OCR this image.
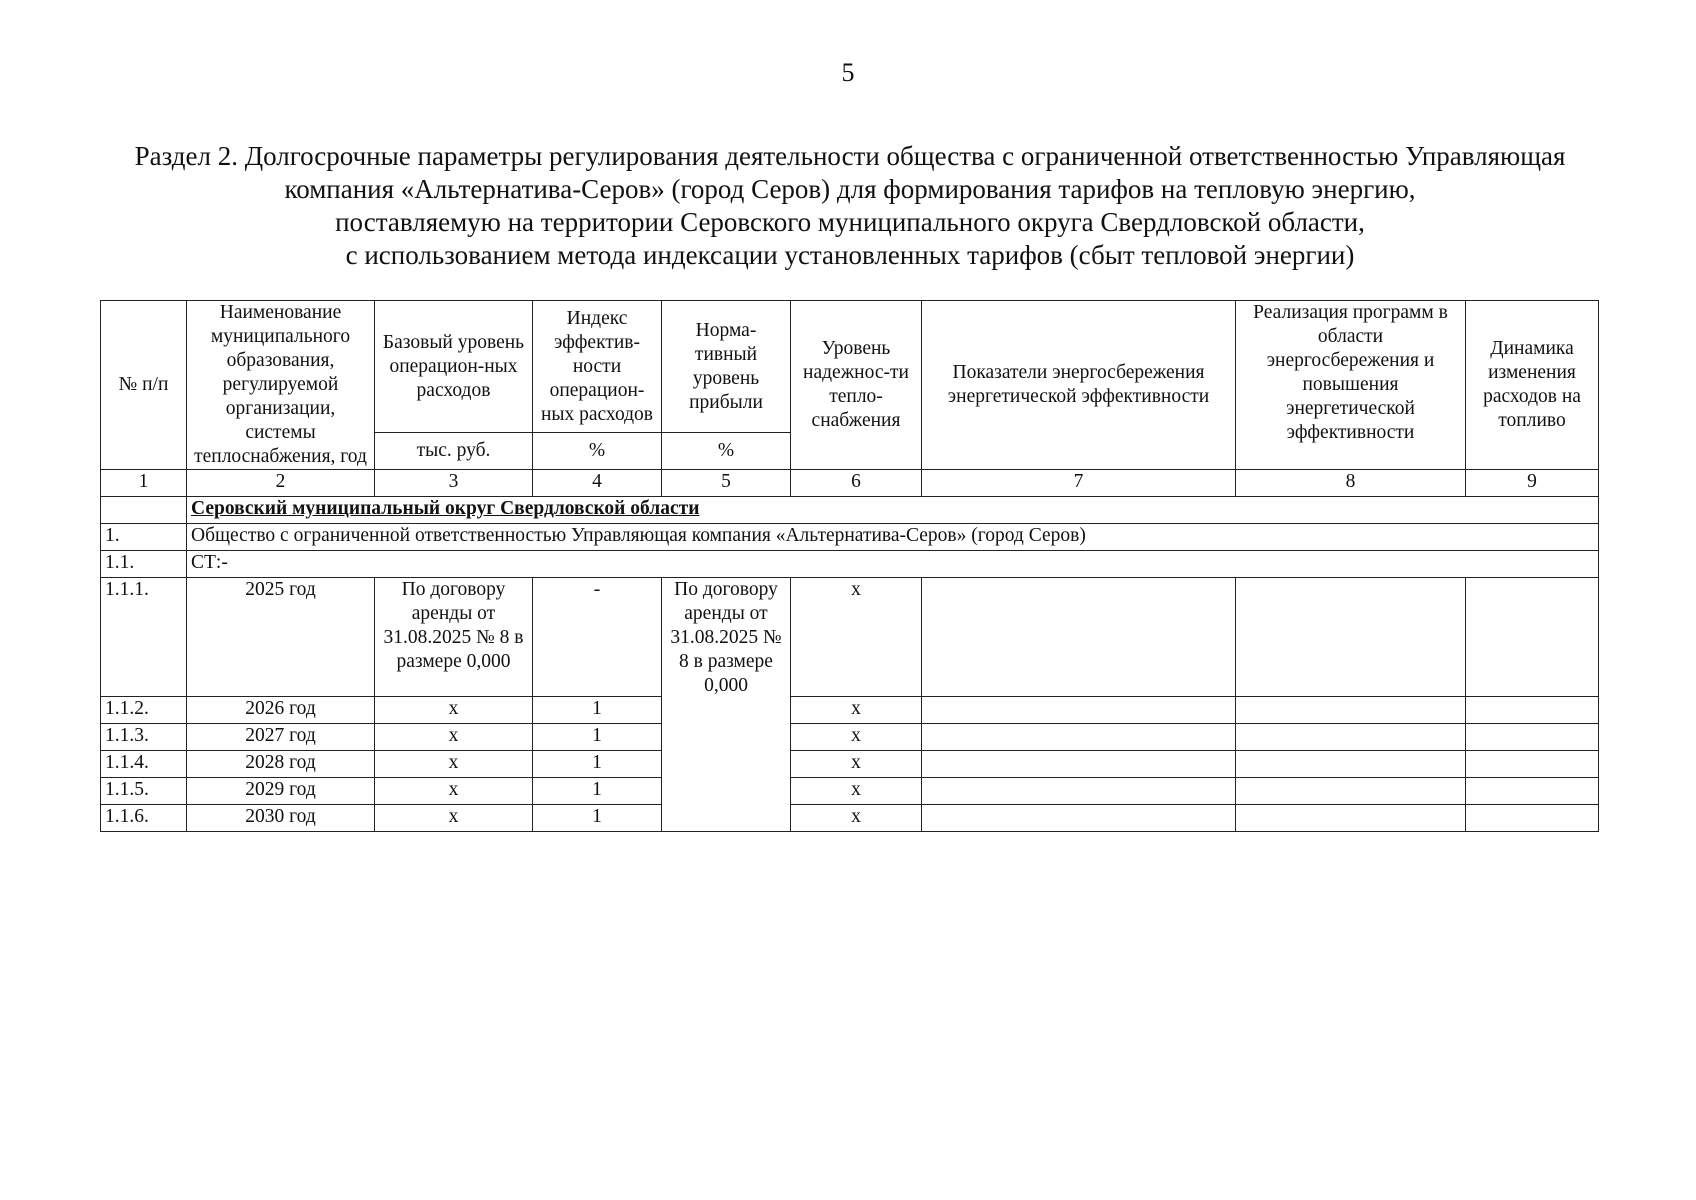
5
Раздел 2. Долгосрочные параметры регулирования деятельности общества с ограниченной ответственностью Управляющая
компания «Альтернатива-Серов» (город Серов) для формирования тарифов на тепловую энергию,
поставляемую на территории Серовского муниципального округа Свердловской области,
с использованием метода индексации установленных тарифов (сбыт тепловой энергии)
№ п/п	Наименование муниципального образования, регулируемой организации, системы теплоснабжения, год	Базовый уровень операцион-ных расходов	Индекс эффектив-ности операцион-ных расходов	Норма-тивный уровень прибыли	Уровень надежнос-ти тепло-снабжения	Показатели энергосбережения энергетической эффективности	Реализация программ в области энергосбережения и повышения энергетической эффективности	Динамика изменения расходов на топливо
		тыс. руб.	%	%				
1	2	3	4	5	6	7	8	9
	Серовский муниципальный округ Свердловской области							
1.	Общество с ограниченной ответственностью Управляющая компания «Альтернатива-Серов» (город Серов)							
1.1.	СТ:-							
1.1.1.	2025 год	По договору аренды от 31.08.2025 № 8 в размере 0,000	-	По договору аренды от 31.08.2025 № 8 в размере 0,000	х			
1.1.2.	2026 год	х	1		х			
1.1.3.	2027 год	х	1		х			
1.1.4.	2028 год	х	1		х			
1.1.5.	2029 год	х	1		х			
1.1.6.	2030 год	х	1		х			
